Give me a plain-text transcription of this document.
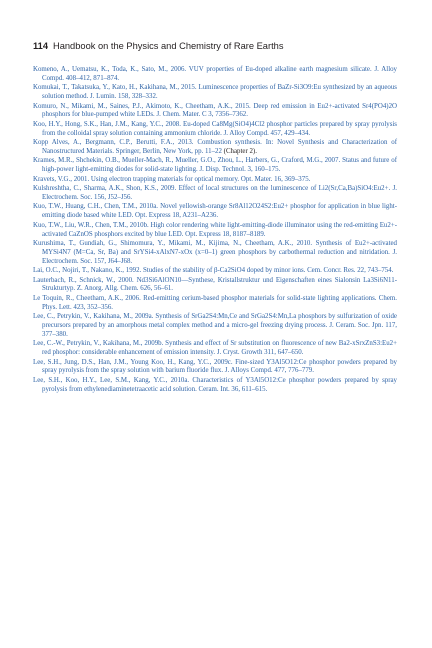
114 Handbook on the Physics and Chemistry of Rare Earths

Komeno, A., Uematsu, K., Toda, K., Sato, M., 2006. VUV properties of Eu-doped alkaline earth magnesium silicate. J. Alloy Compd. 408–412, 871–874.

Komukai, T., Takatsuka, Y., Kato, H., Kakihana, M., 2015. Luminescence properties of BaZr-Si3O9:Eu synthesized by an aqueous solution method. J. Lumin. 158, 328–332.

Komuro, N., Mikami, M., Saines, P.J., Akimoto, K., Cheetham, A.K., 2015. Deep red emission in Eu2+-activated Sr4(PO4)2O phosphors for blue-pumped white LEDs. J. Chem. Mater. C 3, 7356–7362.

Koo, H.Y., Hong, S.K., Han, J.M., Kang, Y.C., 2008. Eu-doped Ca8Mg(SiO4)4Cl2 phosphor particles prepared by spray pyrolysis from the colloidal spray solution containing ammonium chloride. J. Alloy Compd. 457, 429–434.

Kopp Alves, A., Bergmann, C.P., Berutti, F.A., 2013. Combustion synthesis. In: Novel Synthesis and Characterization of Nanostructured Materials. Springer, Berlin, New York, pp. 11–22 (Chapter 2).

Krames, M.R., Shchekin, O.B., Mueller-Mach, R., Mueller, G.O., Zhou, L., Harbers, G., Craford, M.G., 2007. Status and future of high-power light-emitting diodes for solid-state lighting. J. Disp. Technol. 3, 160–175.

Kravets, V.G., 2001. Using electron trapping materials for optical memory. Opt. Mater. 16, 369–375.

Kulshreshtha, C., Sharma, A.K., Shon, K.S., 2009. Effect of local structures on the luminescence of Li2(Sr,Ca,Ba)SiO4:Eu2+. J. Electrochem. Soc. 156, J52–J56.

Kuo, T.W., Huang, C.H., Chen, T.M., 2010a. Novel yellowish-orange Sr8Al12O24S2:Eu2+ phosphor for application in blue light-emitting diode based white LED. Opt. Express 18, A231–A236.

Kuo, T.W., Liu, W.R., Chen, T.M., 2010b. High color rendering white light-emitting-diode illuminator using the red-emitting Eu2+-activated CaZnOS phosphors excited by blue LED. Opt. Express 18, 8187–8189.

Kurushima, T., Gundiah, G., Shimomura, Y., Mikami, M., Kijima, N., Cheetham, A.K., 2010. Synthesis of Eu2+-activated MYSi4N7 (M=Ca, Sr, Ba) and SrYSi4-xAlxN7-xOx (x=0–1) green phosphors by carbothermal reduction and nitridation. J. Electrochem. Soc. 157, J64–J68.

Lai, O.C., Nojiri, T., Nakano, K., 1992. Studies of the stability of β-Ca2SiO4 doped by minor ions. Cem. Concr. Res. 22, 743–754.

Lauterbach, R., Schnick, W., 2000. Nd3Si6AlON10—Synthese, Kristallstruktur und Eigenschaften eines Sialonsin La3Si6N11-Strukturtyp. Z. Anorg. Allg. Chem. 626, 56–61.

Le Toquin, R., Cheetham, A.K., 2006. Red-emitting cerium-based phosphor materials for solid-state lighting applications. Chem. Phys. Lett. 423, 352–356.

Lee, C., Petrykin, V., Kakihana, M., 2009a. Synthesis of SrGa2S4:Mn,Ce and SrGa2S4:Mn,La phosphors by sulfurization of oxide precursors prepared by an amorphous metal complex method and a micro-gel freezing drying process. J. Ceram. Soc. Jpn. 117, 377–380.

Lee, C.-W., Petrykin, V., Kakihana, M., 2009b. Synthesis and effect of Sr substitution on fluorescence of new Ba2-xSrxZnS3:Eu2+ red phosphor: considerable enhancement of emission intensity. J. Cryst. Growth 311, 647–650.

Lee, S.H., Jung, D.S., Han, J.M., Young Koo, H., Kang, Y.C., 2009c. Fine-sized Y3Al5O12:Ce phosphor powders prepared by spray pyrolysis from the spray solution with barium fluoride flux. J. Alloys Compd. 477, 776–779.

Lee, S.H., Koo, H.Y., Lee, S.M., Kang, Y.C., 2010a. Characteristics of Y3Al5O12:Ce phosphor powders prepared by spray pyrolysis from ethylenediaminetetraacetic acid solution. Ceram. Int. 36, 611–615.
